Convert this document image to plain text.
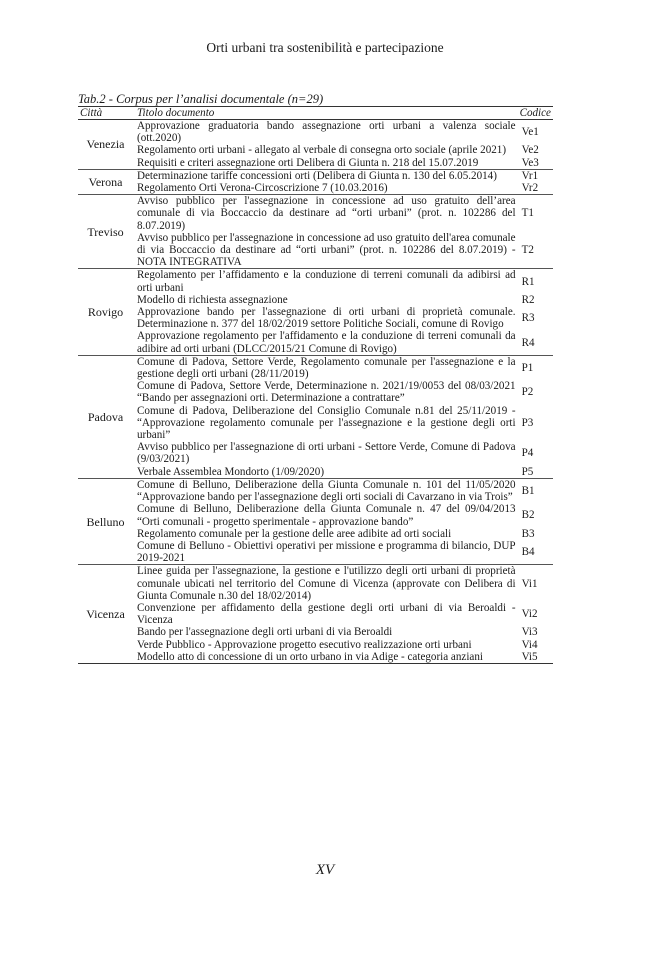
Orti urbani tra sostenibilità e partecipazione
Tab.2 - Corpus per l’analisi documentale (n=29)
Città	Titolo documento	Codice
Venezia	Approvazione graduatoria bando assegnazione orti urbani a valenza sociale (ott.2020)	Ve1
	Regolamento orti urbani - allegato al verbale di consegna orto sociale (aprile 2021)	Ve2
	Requisiti e criteri assegnazione orti Delibera di Giunta n. 218 del 15.07.2019	Ve3
Verona	Determinazione tariffe concessioni orti (Delibera di Giunta n. 130 del 6.05.2014)	Vr1
	Regolamento Orti Verona-Circoscrizione 7 (10.03.2016)	Vr2
Treviso	Avviso pubblico per l'assegnazione in concessione ad uso gratuito dell’area comunale di via Boccaccio da destinare ad “orti urbani” (prot. n. 102286 del 8.07.2019)	T1
	Avviso pubblico per l'assegnazione in concessione ad uso gratuito dell'area comunale di via Boccaccio da destinare ad “orti urbani” (prot. n. 102286 del 8.07.2019) - NOTA INTEGRATIVA	T2
Rovigo	Regolamento per l’affidamento e la conduzione di terreni comunali da adibirsi ad orti urbani	R1
	Modello di richiesta assegnazione	R2
	Approvazione bando per l'assegnazione di orti urbani di proprietà comunale. Determinazione n. 377 del 18/02/2019 settore Politiche Sociali, comune di Rovigo	R3
	Approvazione regolamento per l'affidamento e la conduzione di terreni comunali da adibire ad orti urbani (DLCC/2015/21 Comune di Rovigo)	R4
Padova	Comune di Padova, Settore Verde, Regolamento comunale per l'assegnazione e la gestione degli orti urbani (28/11/2019)	P1
	Comune di Padova, Settore Verde, Determinazione n. 2021/19/0053 del 08/03/2021 “Bando per assegnazioni orti. Determinazione a contrattare”	P2
	Comune di Padova, Deliberazione del Consiglio Comunale n.81 del 25/11/2019 - “Approvazione regolamento comunale per l'assegnazione e la gestione degli orti urbani”	P3
	Avviso pubblico per l'assegnazione di orti urbani - Settore Verde, Comune di Padova (9/03/2021)	P4
	Verbale Assemblea Mondorto (1/09/2020)	P5
Belluno	Comune di Belluno, Deliberazione della Giunta Comunale n. 101 del 11/05/2020 “Approvazione bando per l'assegnazione degli orti sociali di Cavarzano in via Trois”	B1
	Comune di Belluno, Deliberazione della Giunta Comunale n. 47 del 09/04/2013 “Orti comunali - progetto sperimentale - approvazione bando”	B2
	Regolamento comunale per la gestione delle aree adibite ad orti sociali	B3
	Comune di Belluno - Obiettivi operativi per missione e programma di bilancio, DUP 2019-2021	B4
Vicenza	Linee guida per l'assegnazione, la gestione e l'utilizzo degli orti urbani di proprietà comunale ubicati nel territorio del Comune di Vicenza (approvate con Delibera di Giunta Comunale n.30 del 18/02/2014)	Vi1
	Convenzione per affidamento della gestione degli orti urbani di via Beroaldi - Vicenza	Vi2
	Bando per l'assegnazione degli orti urbani di via Beroaldi	Vi3
	Verde Pubblico - Approvazione progetto esecutivo realizzazione orti urbani	Vi4
	Modello atto di concessione di un orto urbano in via Adige - categoria anziani	Vi5
XV
